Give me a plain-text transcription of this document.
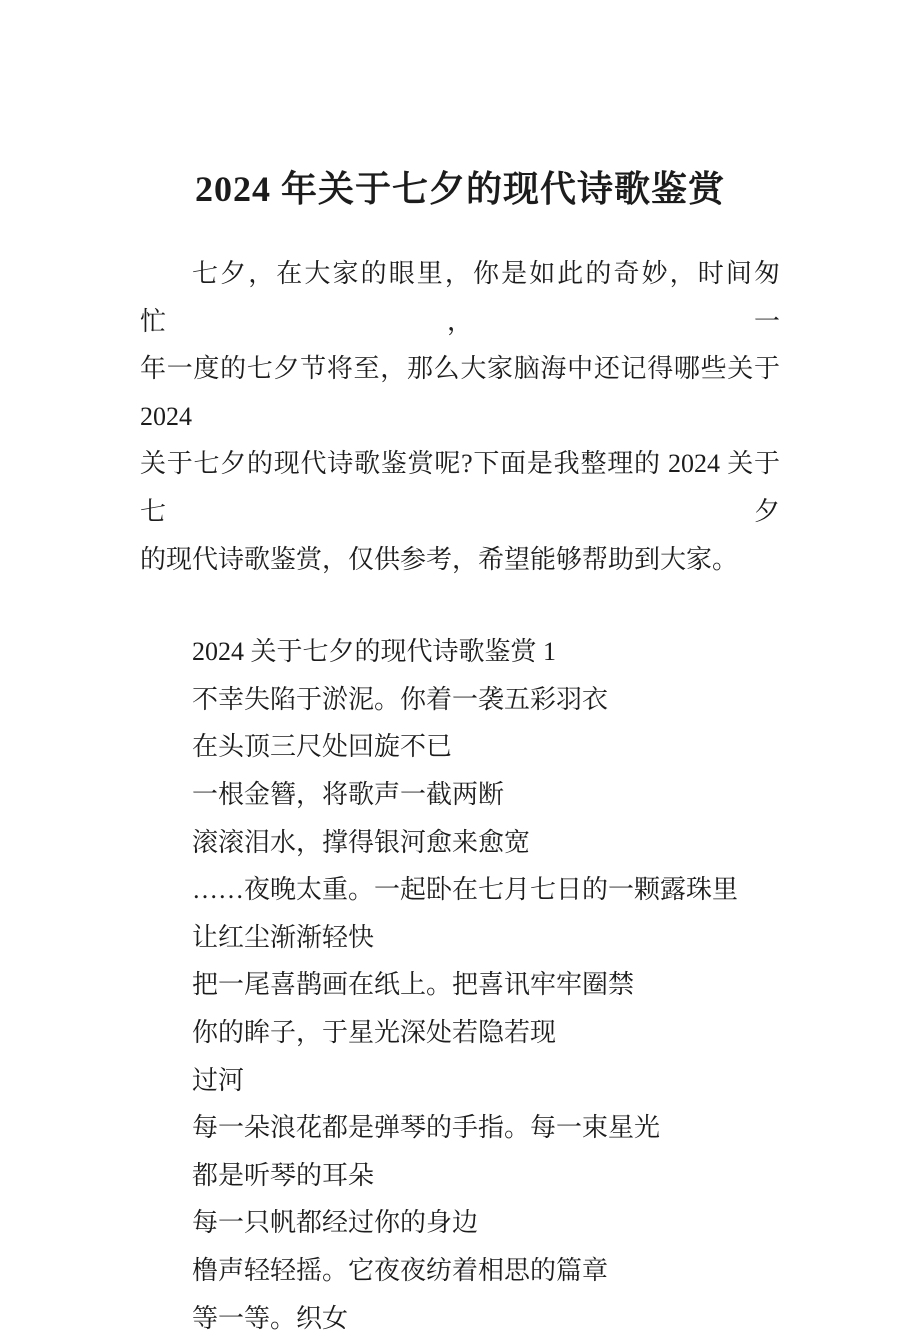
2024 年关于七夕的现代诗歌鉴赏
七夕，在大家的眼里，你是如此的奇妙，时间匆忙，一
年一度的七夕节将至，那么大家脑海中还记得哪些关于 2024
关于七夕的现代诗歌鉴赏呢?下面是我整理的 2024 关于七夕
的现代诗歌鉴赏，仅供参考，希望能够帮助到大家。
2024 关于七夕的现代诗歌鉴赏 1
不幸失陷于淤泥。你着一袭五彩羽衣
在头顶三尺处回旋不已
一根金簪，将歌声一截两断
滚滚泪水，撑得银河愈来愈宽
……夜晚太重。一起卧在七月七日的一颗露珠里
让红尘渐渐轻快
把一尾喜鹊画在纸上。把喜讯牢牢圈禁
你的眸子，于星光深处若隐若现
过河
每一朵浪花都是弹琴的手指。每一束星光
都是听琴的耳朵
每一只帆都经过你的身边
橹声轻轻摇。它夜夜纺着相思的篇章
等一等。织女
